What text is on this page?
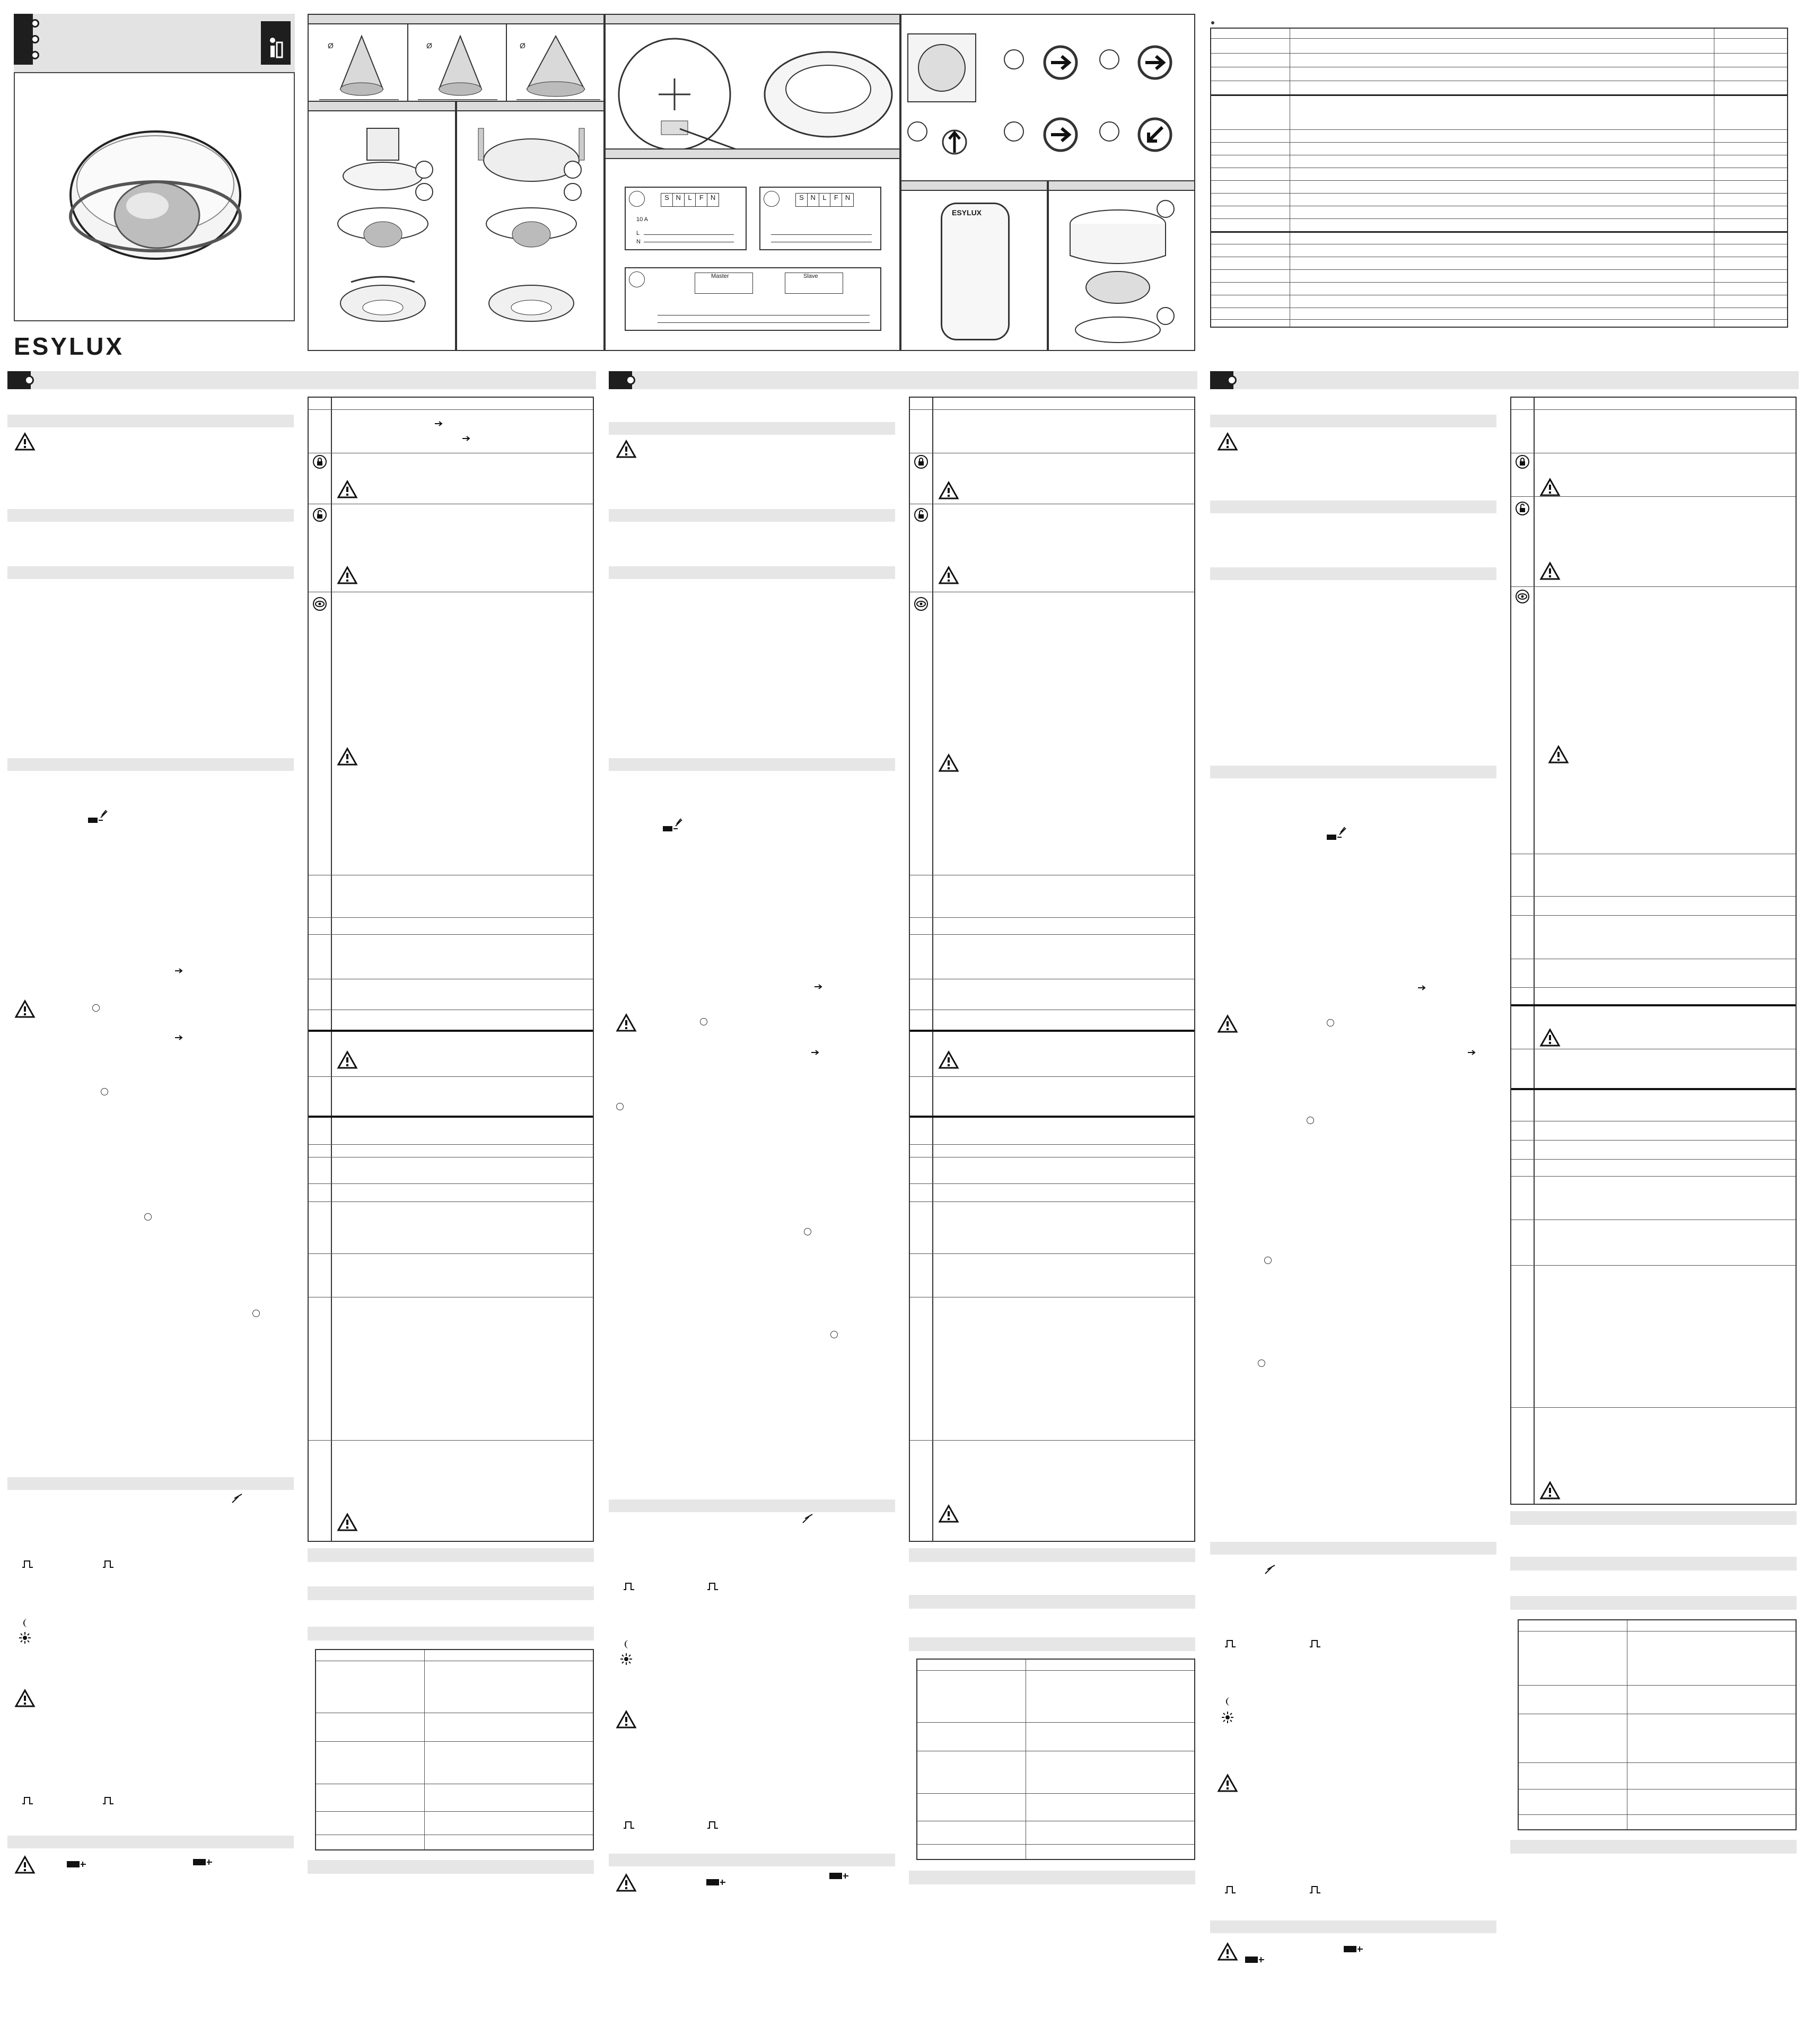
ESYLUX
Ø	Ø	Ø
S N	L	F	N
10 A
L
N
S N	L	F	N
Master	Slave
ESYLUX
